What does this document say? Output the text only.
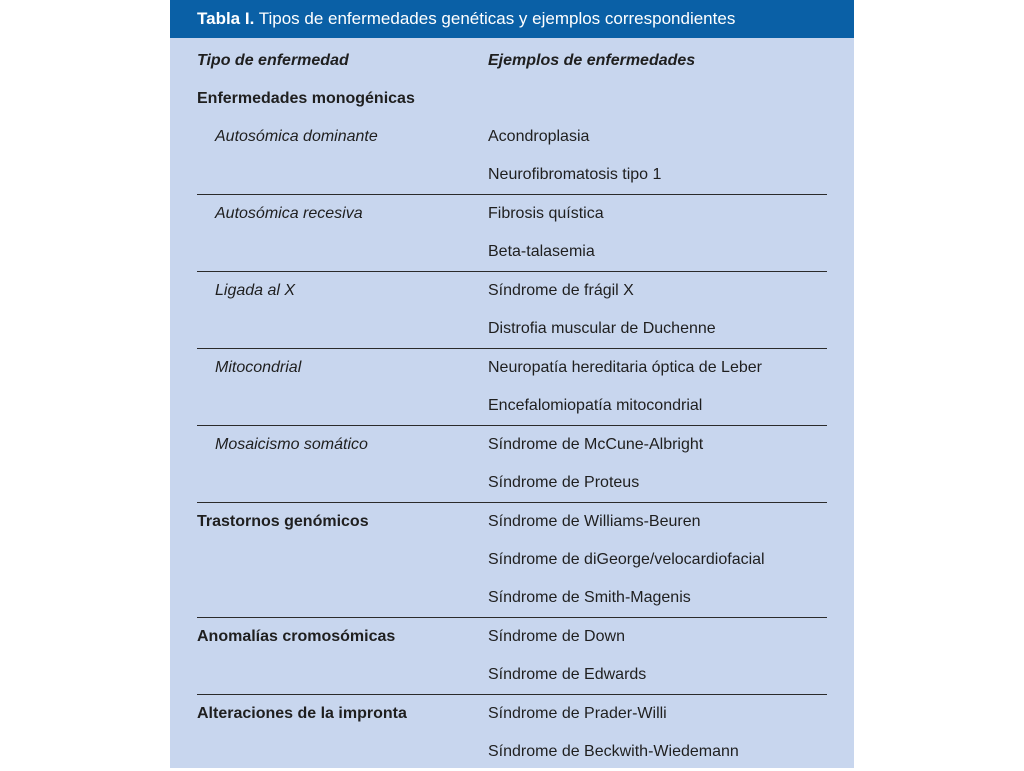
Tabla I. Tipos de enfermedades genéticas y ejemplos correspondientes
Tipo de enfermedad	Ejemplos de enfermedades
Enfermedades monogénicas
Autosómica dominante	Acondroplasia
Neurofibromatosis tipo 1
Autosómica recesiva	Fibrosis quística
Beta-talasemia
Ligada al X	Síndrome de frágil X
Distrofia muscular de Duchenne
Mitocondrial	Neuropatía hereditaria óptica de Leber
Encefalomiopatía mitocondrial
Mosaicismo somático	Síndrome de McCune-Albright
Síndrome de Proteus
Trastornos genómicos	Síndrome de Williams-Beuren
Síndrome de diGeorge/velocardiofacial
Síndrome de Smith-Magenis
Anomalías cromosómicas	Síndrome de Down
Síndrome de Edwards
Alteraciones de la impronta	Síndrome de Prader-Willi
Síndrome de Beckwith-Wiedemann
